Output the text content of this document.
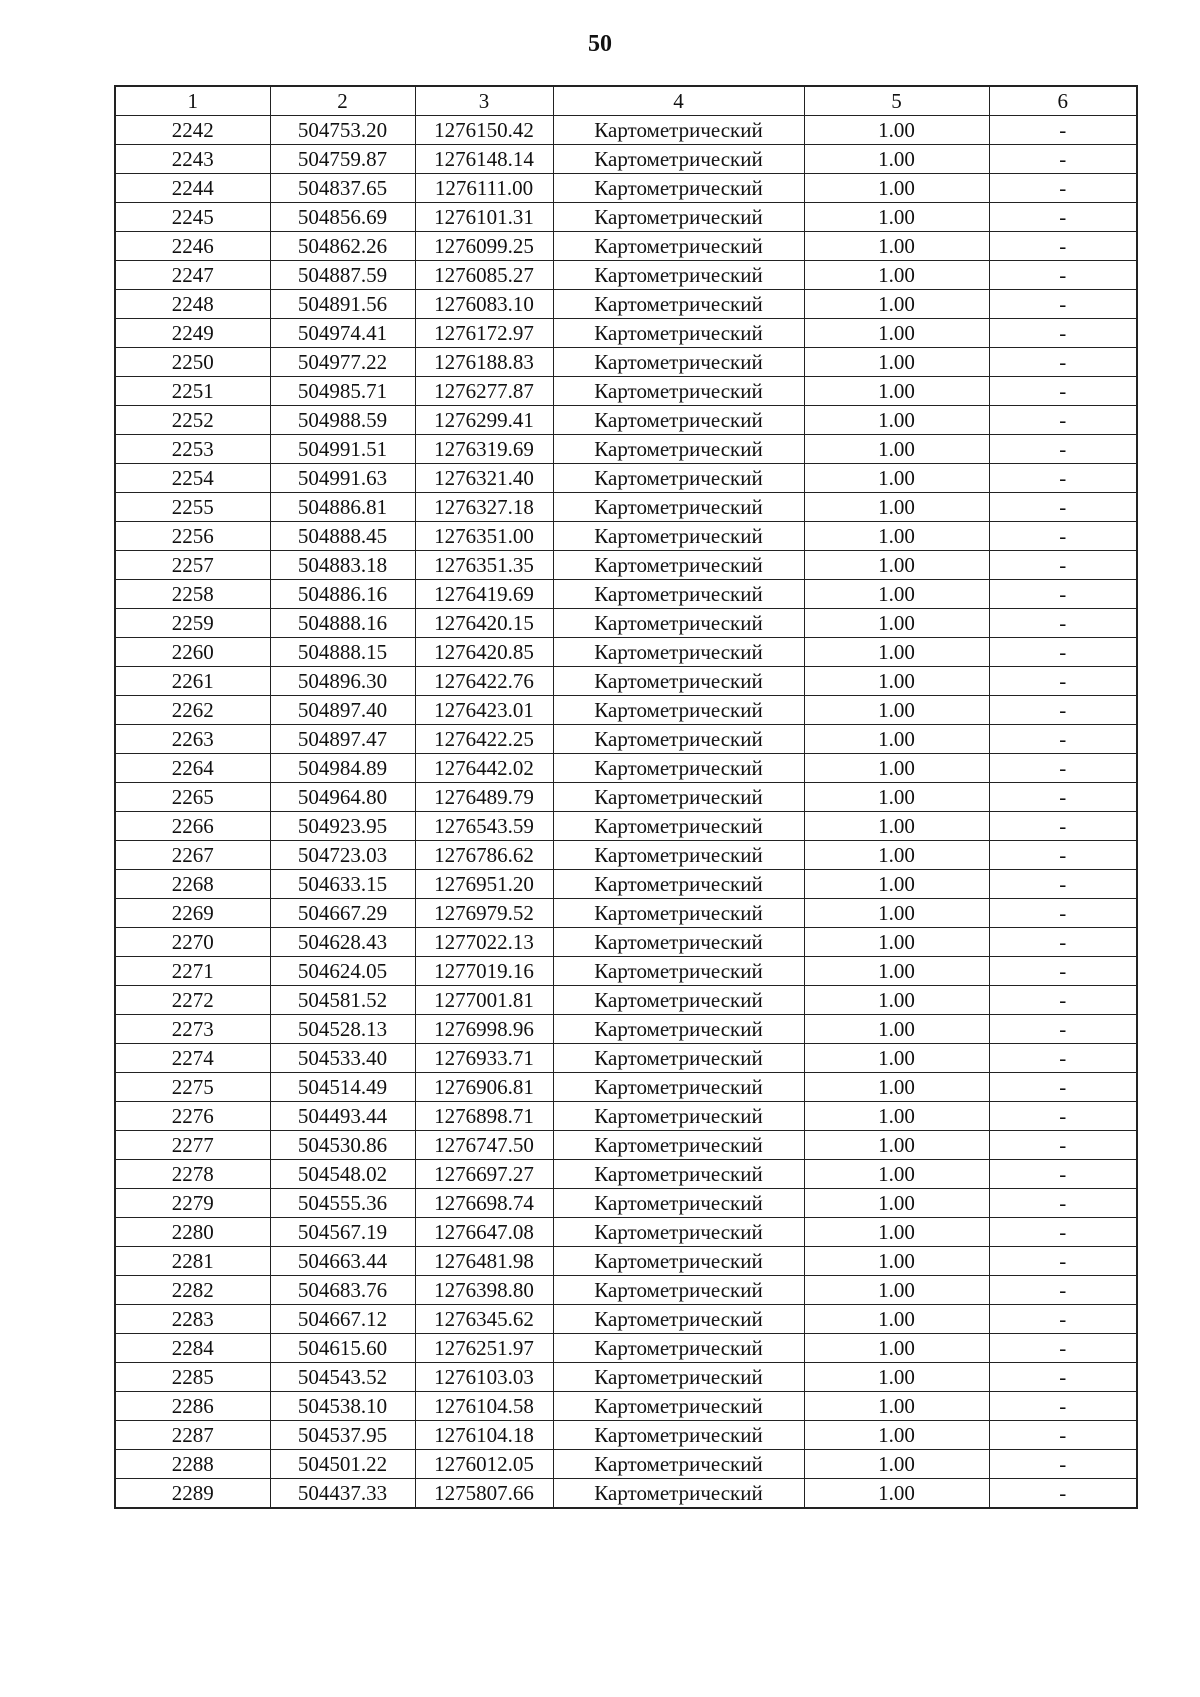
50
1	2	3	4	5	6
2242	504753.20	1276150.42	Картометрический	1.00	-
2243	504759.87	1276148.14	Картометрический	1.00	-
2244	504837.65	1276111.00	Картометрический	1.00	-
2245	504856.69	1276101.31	Картометрический	1.00	-
2246	504862.26	1276099.25	Картометрический	1.00	-
2247	504887.59	1276085.27	Картометрический	1.00	-
2248	504891.56	1276083.10	Картометрический	1.00	-
2249	504974.41	1276172.97	Картометрический	1.00	-
2250	504977.22	1276188.83	Картометрический	1.00	-
2251	504985.71	1276277.87	Картометрический	1.00	-
2252	504988.59	1276299.41	Картометрический	1.00	-
2253	504991.51	1276319.69	Картометрический	1.00	-
2254	504991.63	1276321.40	Картометрический	1.00	-
2255	504886.81	1276327.18	Картометрический	1.00	-
2256	504888.45	1276351.00	Картометрический	1.00	-
2257	504883.18	1276351.35	Картометрический	1.00	-
2258	504886.16	1276419.69	Картометрический	1.00	-
2259	504888.16	1276420.15	Картометрический	1.00	-
2260	504888.15	1276420.85	Картометрический	1.00	-
2261	504896.30	1276422.76	Картометрический	1.00	-
2262	504897.40	1276423.01	Картометрический	1.00	-
2263	504897.47	1276422.25	Картометрический	1.00	-
2264	504984.89	1276442.02	Картометрический	1.00	-
2265	504964.80	1276489.79	Картометрический	1.00	-
2266	504923.95	1276543.59	Картометрический	1.00	-
2267	504723.03	1276786.62	Картометрический	1.00	-
2268	504633.15	1276951.20	Картометрический	1.00	-
2269	504667.29	1276979.52	Картометрический	1.00	-
2270	504628.43	1277022.13	Картометрический	1.00	-
2271	504624.05	1277019.16	Картометрический	1.00	-
2272	504581.52	1277001.81	Картометрический	1.00	-
2273	504528.13	1276998.96	Картометрический	1.00	-
2274	504533.40	1276933.71	Картометрический	1.00	-
2275	504514.49	1276906.81	Картометрический	1.00	-
2276	504493.44	1276898.71	Картометрический	1.00	-
2277	504530.86	1276747.50	Картометрический	1.00	-
2278	504548.02	1276697.27	Картометрический	1.00	-
2279	504555.36	1276698.74	Картометрический	1.00	-
2280	504567.19	1276647.08	Картометрический	1.00	-
2281	504663.44	1276481.98	Картометрический	1.00	-
2282	504683.76	1276398.80	Картометрический	1.00	-
2283	504667.12	1276345.62	Картометрический	1.00	-
2284	504615.60	1276251.97	Картометрический	1.00	-
2285	504543.52	1276103.03	Картометрический	1.00	-
2286	504538.10	1276104.58	Картометрический	1.00	-
2287	504537.95	1276104.18	Картометрический	1.00	-
2288	504501.22	1276012.05	Картометрический	1.00	-
2289	504437.33	1275807.66	Картометрический	1.00	-
